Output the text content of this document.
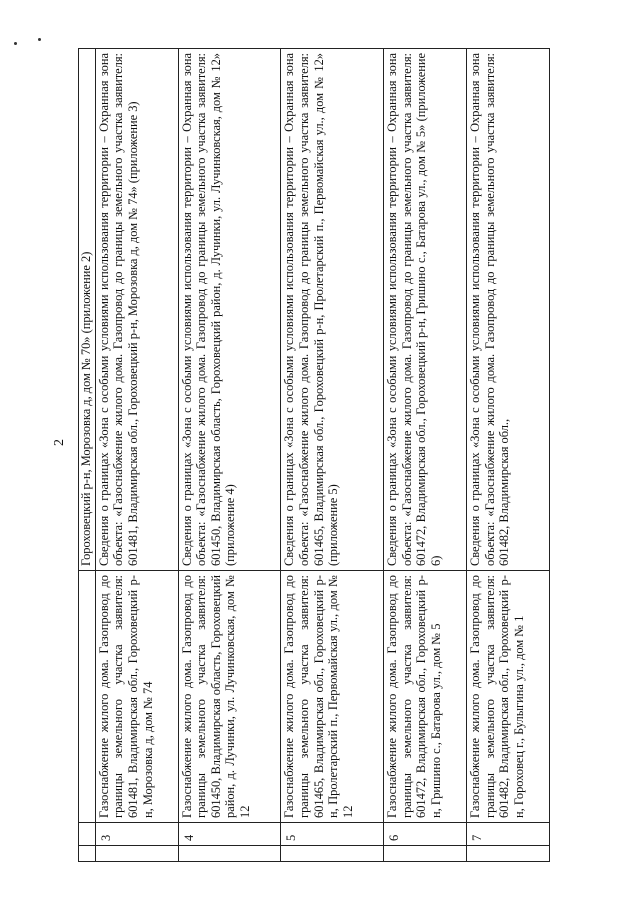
2
			Гороховецкий р-н, Морозовка д, дом № 70» (приложение 2)
	3	Газоснабжение жилого дома. Газопровод до границы земельного участка заявителя: 601481, Владимирская обл., Гороховецкий р-н, Морозовка д, дом № 74	Сведения о границах «Зона с особыми условиями использования территории – Охранная зона объекта: «Газоснабжение жилого дома. Газопровод до границы земельного участка заявителя: 601481, Владимирская обл., Гороховецкий р-н, Морозовка д, дом № 74» (приложение 3)
	4	Газоснабжение жилого дома. Газопровод до границы земельного участка заявителя: 601450, Владимирская область, Гороховецкий район, д. Лучинки, ул. Лучинковская, дом № 12	Сведения о границах «Зона с особыми условиями использования территории – Охранная зона объекта: «Газоснабжение жилого дома. Газопровод до границы земельного участка заявителя: 601450, Владимирская область, Гороховецкий район, д. Лучинки, ул. Лучинковская, дом № 12» (приложение 4)
	5	Газоснабжение жилого дома. Газопровод до границы земельного участка заявителя: 601465, Владимирская обл., Гороховецкий р-н, Пролетарский п., Первомайская ул., дом № 12	Сведения о границах «Зона с особыми условиями использования территории – Охранная зона объекта: «Газоснабжение жилого дома. Газопровод до границы земельного участка заявителя: 601465, Владимирская обл., Гороховецкий р-н, Пролетарский п., Первомайская ул., дом № 12» (приложение 5)
	6	Газоснабжение жилого дома. Газопровод до границы земельного участка заявителя: 601472, Владимирская обл., Гороховецкий р-н, Гришино с., Батарова ул., дом № 5	Сведения о границах «Зона с особыми условиями использования территории – Охранная зона объекта: «Газоснабжение жилого дома. Газопровод до границы земельного участка заявителя: 601472, Владимирская обл., Гороховецкий р-н, Гришино с., Батарова ул., дом № 5» (приложение 6)
	7	Газоснабжение жилого дома. Газопровод до границы земельного участка заявителя: 601482, Владимирская обл., Гороховецкий р-н, Гороховец г., Булыгина ул., дом № 1	Сведения о границах «Зона с особыми условиями использования территории – Охранная зона объекта: «Газоснабжение жилого дома. Газопровод до границы земельного участка заявителя: 601482, Владимирская обл.,
